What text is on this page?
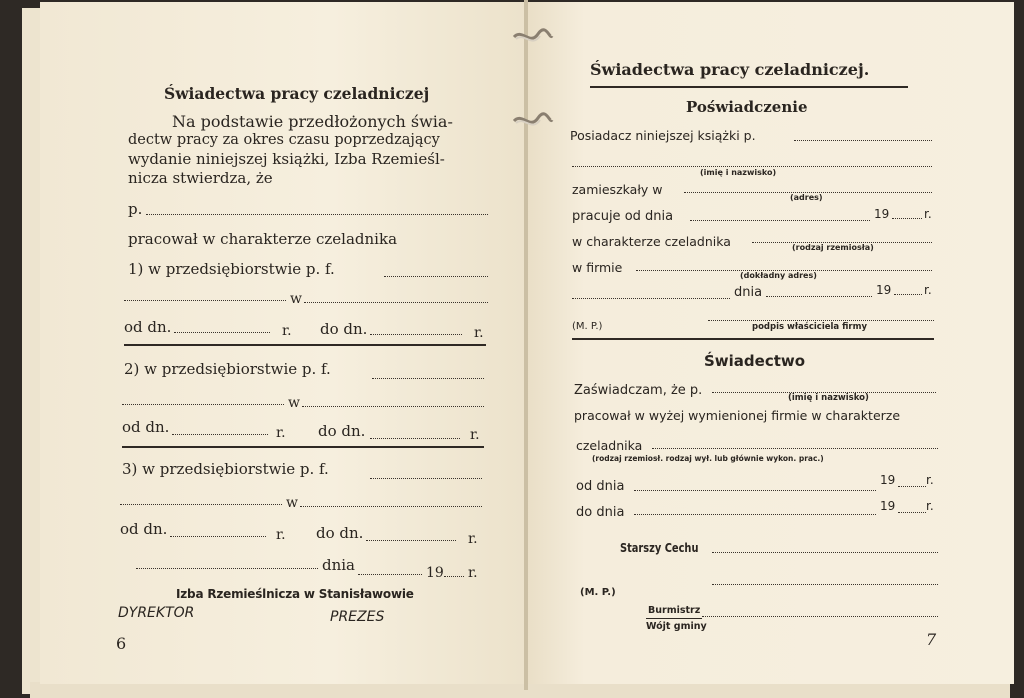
Świadectwa pracy czeladniczej
Na podstawie przedłożonych świa-
dectw pracy za okres czasu poprzedzający
wydanie niniejszej książki, Izba Rzemieśl-
nicza stwierdza, że
p.
pracował w charakterze czeladnika
1) w przedsiębiorstwie p. f.
w
od dn.	r. do dn.	r.
2) w przedsiębiorstwie p. f.
w
od dn.	r. do dn.	r.
3) w przedsiębiorstwie p. f.
w
od dn.	r. do dn.	r.
dnia	19 r.
Izba Rzemieślnicza w Stanisławowie
DYREKTOR	PREZES
6
Świadectwa pracy czeladniczej.
Poświadczenie
Posiadacz niniejszej książki p.
(imię i nazwisko)
zamieszkały w
(adres)
pracuje od dnia	19	r.
w charakterze czeladnika	(rodzaj rzemiosła)
w firmie
(dokładny adres)
dnia	19	r.
(M. P.)	podpis właściciela firmy
Świadectwo
Zaświadczam, że p.	(imię i nazwisko)
pracował w wyżej wymienionej firmie w charakterze
czeladnika
(rodzaj rzemiosł. rodzaj wył. lub głównie wykon. prac.)
od dnia	19	r.
do dnia	19	r.
Starszy Cechu
(M. P.)
Burmistrz
Wójt gminy
7
